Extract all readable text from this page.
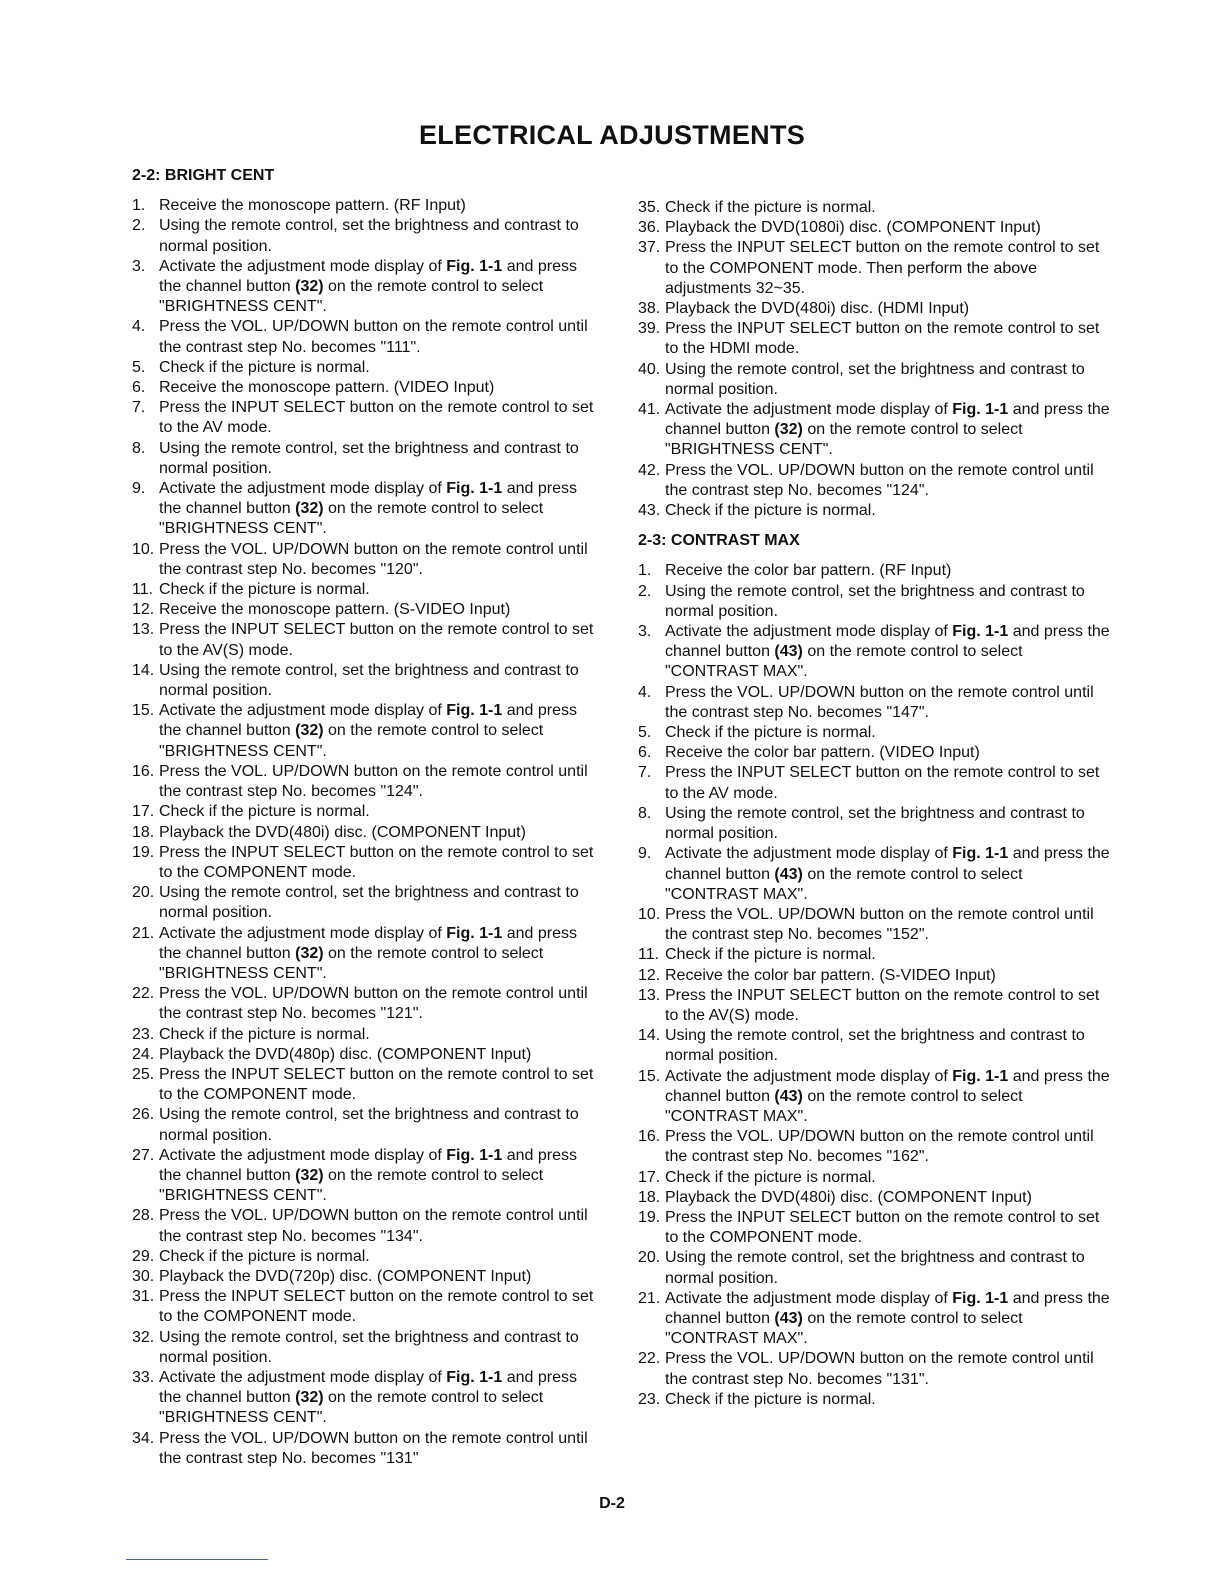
ELECTRICAL ADJUSTMENTS
2-2: BRIGHT CENT
1. Receive the monoscope pattern. (RF Input)
2. Using the remote control, set the brightness and contrast to normal position.
3. Activate the adjustment mode display of Fig. 1-1 and press the channel button (32) on the remote control to select "BRIGHTNESS CENT".
4. Press the VOL. UP/DOWN button on the remote control until the contrast step No. becomes "111".
5. Check if the picture is normal.
6. Receive the monoscope pattern. (VIDEO Input)
7. Press the INPUT SELECT button on the remote control to set to the AV mode.
8. Using the remote control, set the brightness and contrast to normal position.
9. Activate the adjustment mode display of Fig. 1-1 and press the channel button (32) on the remote control to select "BRIGHTNESS CENT".
10. Press the VOL. UP/DOWN button on the remote control until the contrast step No. becomes "120".
11. Check if the picture is normal.
12. Receive the monoscope pattern. (S-VIDEO Input)
13. Press the INPUT SELECT button on the remote control to set to the AV(S) mode.
14. Using the remote control, set the brightness and contrast to normal position.
15. Activate the adjustment mode display of Fig. 1-1 and press the channel button (32) on the remote control to select "BRIGHTNESS CENT".
16. Press the VOL. UP/DOWN button on the remote control until the contrast step No. becomes "124".
17. Check if the picture is normal.
18. Playback the DVD(480i) disc. (COMPONENT Input)
19. Press the INPUT SELECT button on the remote control to set to the COMPONENT mode.
20. Using the remote control, set the brightness and contrast to normal position.
21. Activate the adjustment mode display of Fig. 1-1 and press the channel button (32) on the remote control to select "BRIGHTNESS CENT".
22. Press the VOL. UP/DOWN button on the remote control until the contrast step No. becomes "121".
23. Check if the picture is normal.
24. Playback the DVD(480p) disc. (COMPONENT Input)
25. Press the INPUT SELECT button on the remote control to set to the COMPONENT mode.
26. Using the remote control, set the brightness and contrast to normal position.
27. Activate the adjustment mode display of Fig. 1-1 and press the channel button (32) on the remote control to select "BRIGHTNESS CENT".
28. Press the VOL. UP/DOWN button on the remote control until the contrast step No. becomes "134".
29. Check if the picture is normal.
30. Playback the DVD(720p) disc. (COMPONENT Input)
31. Press the INPUT SELECT button on the remote control to set to the COMPONENT mode.
32. Using the remote control, set the brightness and contrast to normal position.
33. Activate the adjustment mode display of Fig. 1-1 and press the channel button (32) on the remote control to select "BRIGHTNESS CENT".
34. Press the VOL. UP/DOWN button on the remote control until the contrast step No. becomes "131"
35. Check if the picture is normal.
36. Playback the DVD(1080i) disc. (COMPONENT Input)
37. Press the INPUT SELECT button on the remote control to set to the COMPONENT mode. Then perform the above adjustments 32~35.
38. Playback the DVD(480i) disc. (HDMI Input)
39. Press the INPUT SELECT button on the remote control to set to the HDMI mode.
40. Using the remote control, set the brightness and contrast to normal position.
41. Activate the adjustment mode display of Fig. 1-1 and press the channel button (32) on the remote control to select "BRIGHTNESS CENT".
42. Press the VOL. UP/DOWN button on the remote control until the contrast step No. becomes "124".
43. Check if the picture is normal.
2-3: CONTRAST MAX
1. Receive the color bar pattern. (RF Input)
2. Using the remote control, set the brightness and contrast to normal position.
3. Activate the adjustment mode display of Fig. 1-1 and press the channel button (43) on the remote control to select "CONTRAST MAX".
4. Press the VOL. UP/DOWN button on the remote control until the contrast step No. becomes "147".
5. Check if the picture is normal.
6. Receive the color bar pattern. (VIDEO Input)
7. Press the INPUT SELECT button on the remote control to set to the AV mode.
8. Using the remote control, set the brightness and contrast to normal position.
9. Activate the adjustment mode display of Fig. 1-1 and press the channel button (43) on the remote control to select "CONTRAST MAX".
10. Press the VOL. UP/DOWN button on the remote control until the contrast step No. becomes "152".
11. Check if the picture is normal.
12. Receive the color bar pattern. (S-VIDEO Input)
13. Press the INPUT SELECT button on the remote control to set to the AV(S) mode.
14. Using the remote control, set the brightness and contrast to normal position.
15. Activate the adjustment mode display of Fig. 1-1 and press the channel button (43) on the remote control to select "CONTRAST MAX".
16. Press the VOL. UP/DOWN button on the remote control until the contrast step No. becomes "162".
17. Check if the picture is normal.
18. Playback the DVD(480i) disc. (COMPONENT Input)
19. Press the INPUT SELECT button on the remote control to set to the COMPONENT mode.
20. Using the remote control, set the brightness and contrast to normal position.
21. Activate the adjustment mode display of Fig. 1-1 and press the channel button (43) on the remote control to select "CONTRAST MAX".
22. Press the VOL. UP/DOWN button on the remote control until the contrast step No. becomes "131".
23. Check if the picture is normal.
D-2
